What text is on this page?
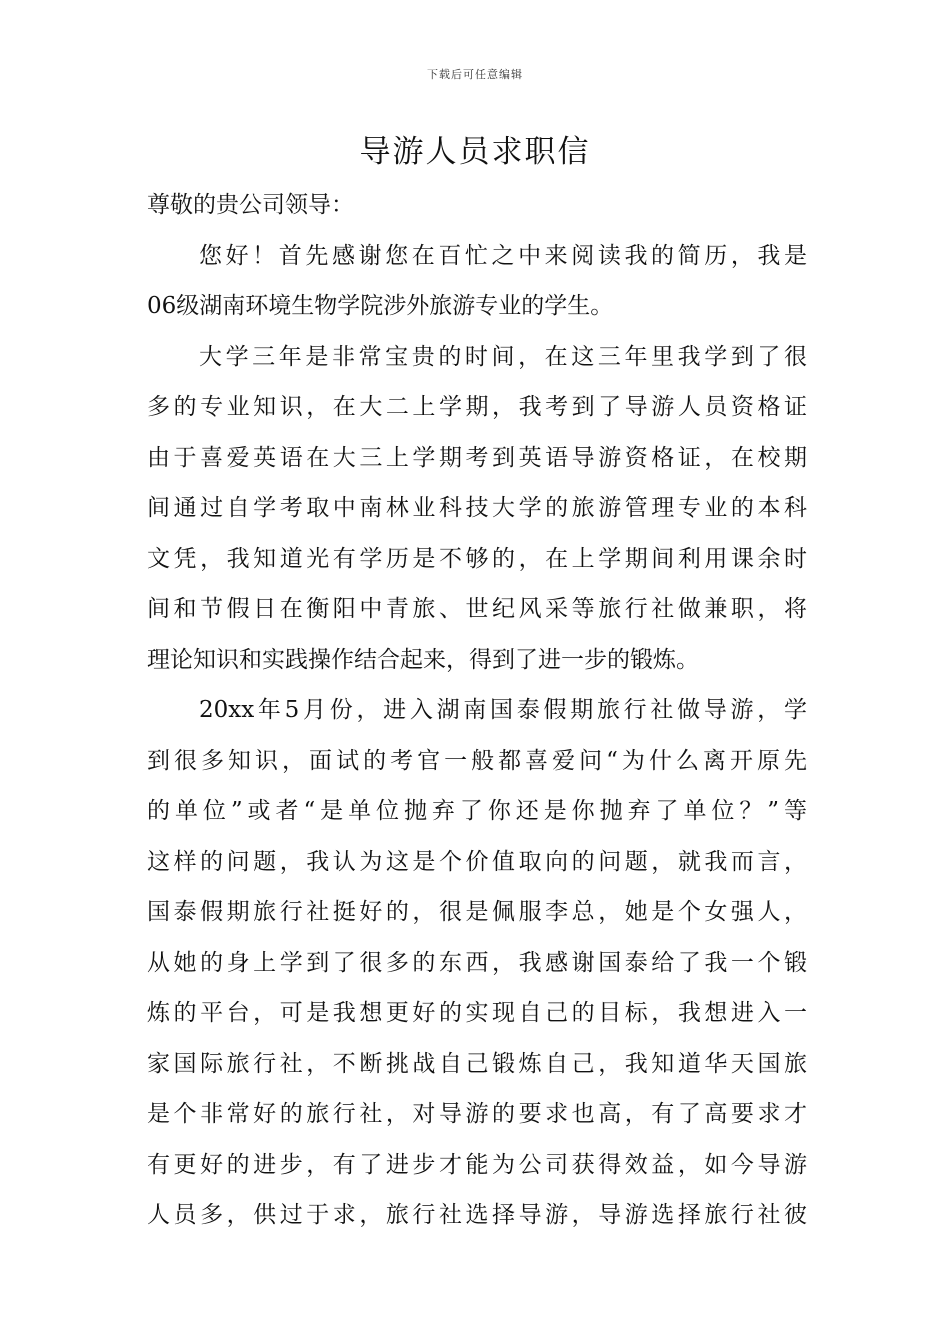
下载后可任意编辑
导游人员求职信

尊敬的贵公司领导：

您好！首先感谢您在百忙之中来阅读我的简历，我是
06级湖南环境生物学院涉外旅游专业的学生。

大学三年是非常宝贵的时间，在这三年里我学到了很
多的专业知识，在大二上学期，我考到了导游人员资格证
由于喜爱英语在大三上学期考到英语导游资格证，在校期
间通过自学考取中南林业科技大学的旅游管理专业的本科
文凭，我知道光有学历是不够的，在上学期间利用课余时
间和节假日在衡阳中青旅、世纪风采等旅行社做兼职，将
理论知识和实践操作结合起来，得到了进一步的锻炼。

20xx年5月份，进入湖南国泰假期旅行社做导游，学
到很多知识，面试的考官一般都喜爱问“为什么离开原先
的单位”或者“是单位抛弃了你还是你抛弃了单位？”等
这样的问题，我认为这是个价值取向的问题，就我而言，
国泰假期旅行社挺好的，很是佩服李总，她是个女强人，
从她的身上学到了很多的东西，我感谢国泰给了我一个锻
炼的平台，可是我想更好的实现自己的目标，我想进入一
家国际旅行社，不断挑战自己锻炼自己，我知道华天国旅
是个非常好的旅行社，对导游的要求也高，有了高要求才
有更好的进步，有了进步才能为公司获得效益，如今导游
人员多，供过于求，旅行社选择导游，导游选择旅行社彼
